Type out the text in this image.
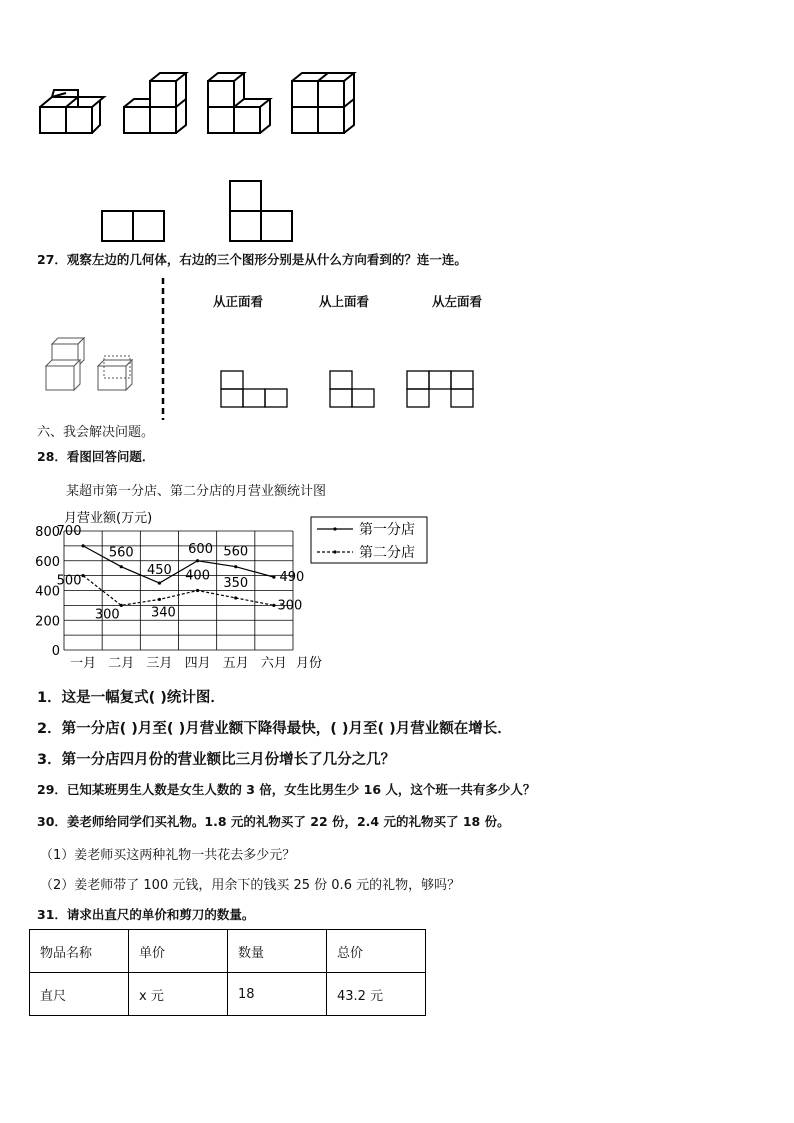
27．观察左边的几何体，右边的三个图形分别是从什么方向看到的？连一连。
从正面看	从上面看	从左面看
六、我会解决问题。
28．看图回答问题．
某超市第一分店、第二分店的月营业额统计图
0
200
400
600
800
月营业额(万元)
一月 二月 三月 四月 五月 六月 月份
700
560
450
600 560
490
500
300 340
400 350
300
第一分店
第二分店
1．这是一幅复式( )统计图．
2．第一分店( )月至( )月营业额下降得最快，( )月至( )月营业额在增长．
3．第一分店四月份的营业额比三月份增长了几分之几？
29．已知某班男生人数是女生人数的 3 倍，女生比男生少 16 人，这个班一共有多少人？
30．姜老师给同学们买礼物。1.8 元的礼物买了 22 份，2.4 元的礼物买了 18 份。
（1）姜老师买这两种礼物一共花去多少元？
（2）姜老师带了 100 元钱，用余下的钱买 25 份 0.6 元的礼物，够吗？
31．请求出直尺的单价和剪刀的数量。
物品名称	单价	数量	总价
直尺	x 元	18	43.2 元
